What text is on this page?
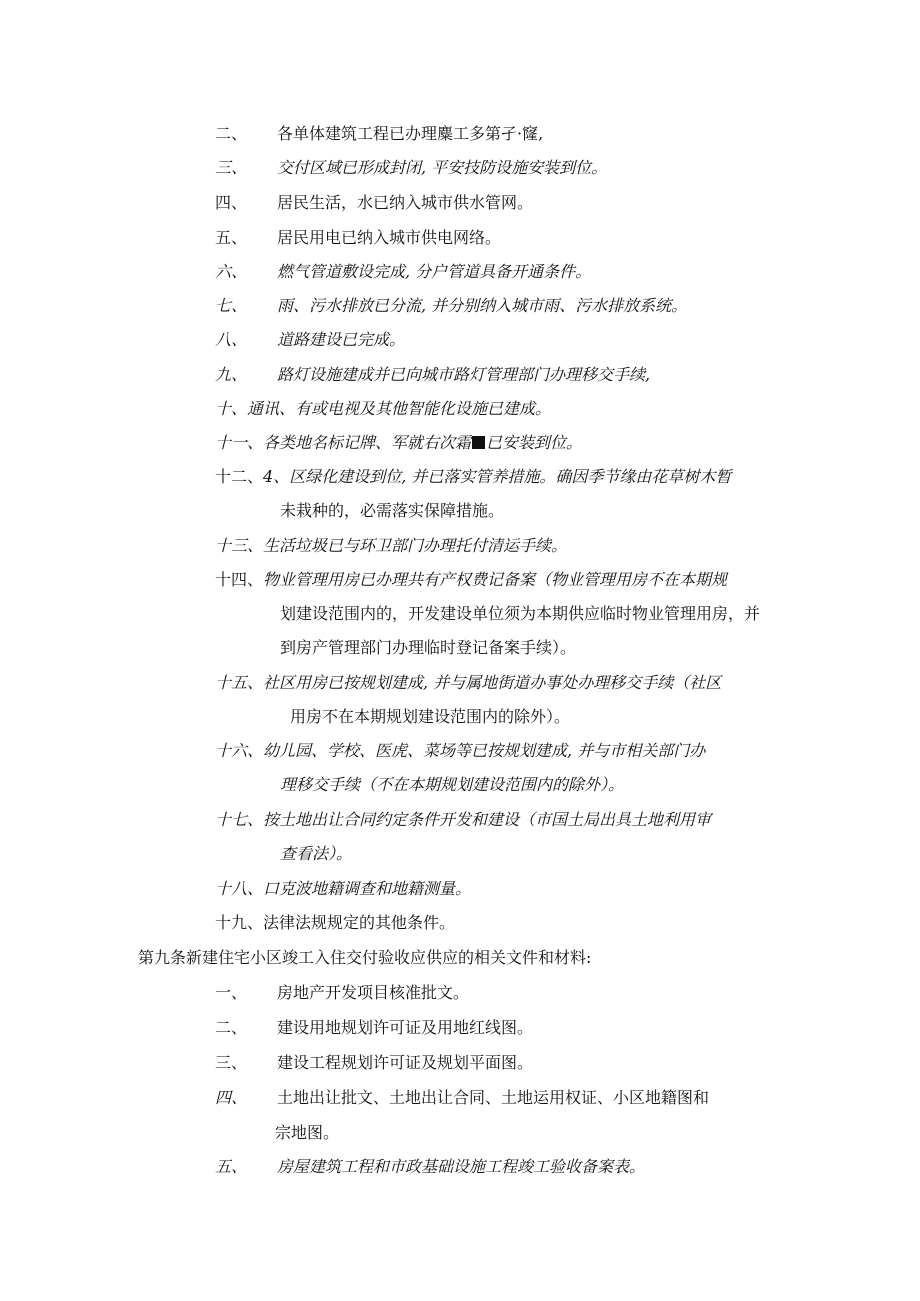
二、 各单体建筑工程已办理麋工多第孑·窿,
三、 交付区域已形成封闭, 平安技防设施安装到位。
四、 居民生活，水已纳入城市供水管网。
五、 居民用电已纳入城市供电网络。
六、 燃气管道敷设完成, 分户管道具备开通条件。
七、 雨、污水排放已分流, 并分别纳入城市雨、污水排放系统。
八、 道路建设已完成。
九、 路灯设施建成并已向城市路灯管理部门办理移交手续,
十、通讯、有或电视及其他智能化设施已建成。
十一、各类地名标记牌、军就右次霜 已安装到位。
十二、4、区绿化建设到位, 并已落实管养措施。确因季节缘由花草树木暂
未栽种的，必需落实保障措施。
十三、生活垃圾已与环卫部门办理托付清运手续。
十四、物业管理用房已办理共有产权费记备案（物业管理用房不在本期规
划建设范围内的，开发建设单位须为本期供应临时物业管理用房，并
到房产管理部门办理临时登记备案手续）。
十五、社区用房已按规划建成, 并与属地街道办事处办理移交手续（社区
用房不在本期规划建设范围内的除外）。
十六、幼儿园、学校、医虎、菜场等已按规划建成, 并与市相关部门办
理移交手续（不在本期规划建设范围内的除外）。
十七、按土地出让合同约定条件开发和建设（市国土局出具土地利用审
查看法）。
十八、口克波地籍调查和地籍测量。
十九、法律法规规定的其他条件。
第九条新建住宅小区竣工入住交付验收应供应的相关文件和材料:
一、 房地产开发项目核准批文。
二、 建设用地规划许可证及用地红线图。
三、 建设工程规划许可证及规划平面图。
四、 土地出让批文、土地出让合同、土地运用权证、小区地籍图和
宗地图。
五、 房屋建筑工程和市政基础设施工程竣工验收备案表。
